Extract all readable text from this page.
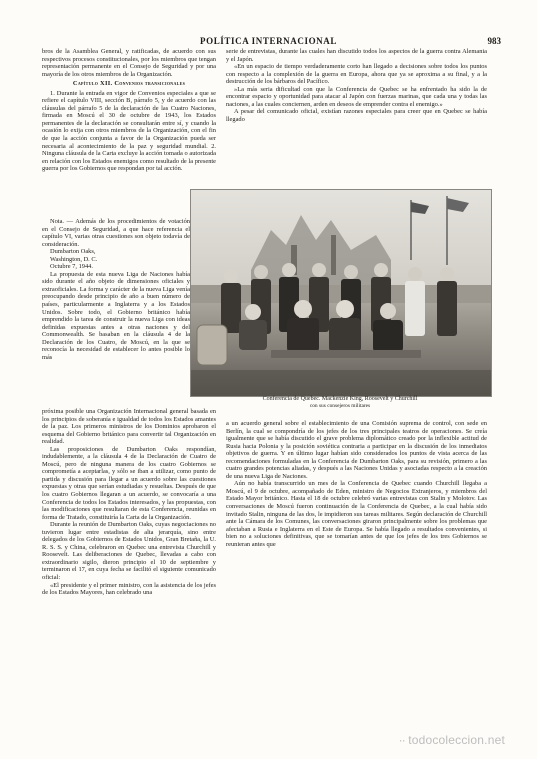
POLÍTICA INTERNACIONAL	983

bros de la Asamblea General, y ratificadas, de acuerdo con sus respectivos procesos constitucionales, por los miembros que tengan representación permanente en el Consejo de Seguridad y por una mayoría de los otros miembros de la Organización.

Capítulo XII. Convenios transicionales

1. Durante la entrada en vigor de Convenios especiales a que se refiere el capítulo VIII, sección B, párrafo 5, y de acuerdo con las cláusulas del párrafo 5 de la declaración de las Cuatro Naciones, firmada en Moscú el 30 de octubre de 1943, los Estados permanentes de la declaración se consultarán entre sí, y cuando la ocasión lo exija con otros miembros de la Organización, con el fin de que la acción conjunta a favor de la Organización pueda ser necesaria al acontecimiento de la paz y seguridad mundial. 2. Ninguna cláusula de la Carta excluye la acción tomada o autorizada en relación con los Estados enemigos como resultado de la presente guerra por los Gobiernos que respondan por tal acción.

Nota. — Además de los procedimientos de votación en el Consejo de Seguridad, a que hace referencia el capítulo VI, varias otras cuestiones son objeto todavía de consideración.

Dumbarton Oaks,

Washington, D. C.

Octubre 7, 1944.

La propuesta de esta nueva Liga de Naciones había sido durante el año objeto de dimensiones oficiales y extraoficiales. La forma y carácter de la nueva Liga venía preocupando desde principio de año a buen número de países, particularmente a Inglaterra y a los Estados Unidos. Sobre todo, el Gobierno británico había emprendido la tarea de construir la nueva Liga con ideas definidas expuestas antes a otras naciones y del Commonwealth. Se basaban en la cláusula 4 de la Declaración de los Cuatro, de Moscú, en la que se reconocía la necesidad de establecer lo antes posible lo más

próxima posible una Organización Internacional general basada en los principios de soberanía e igualdad de todos los Estados amantes de la paz. Los primeros ministros de los Dominios aprobaron el esquema del Gobierno británico para convertir tal Organización en realidad.

Las proposiciones de Dumbarton Oaks respondían, indudablemente, a la cláusula 4 de la Declaración de Cuatro de Moscú, pero de ninguna manera de los cuatro Gobiernos se comprometía a aceptarlas, y sólo se iban a utilizar, como punto de partida y discusión para llegar a un acuerdo sobre las cuestiones expuestas y otras que serían estudiadas y resueltas. Después de que los cuatro Gobiernos llegaran a un acuerdo, se convocaría a una Conferencia de todos los Estados interesados, y las propuestas, con las modificaciones que resultaran de esta Conferencia, reunidas en forma de Tratado, constituiría la Carta de la Organización.

Durante la reunión de Dumbarton Oaks, cuyas negociaciones no tuvieron lugar entre estadistas de alta jerarquía, sino entre delegados de los Gobiernos de Estados Unidos, Gran Bretaña, la U. R. S. S. y China, celebraron en Quebec una entrevista Churchill y Roosevelt. Las deliberaciones de Quebec, llevadas a cabo con extraordinario sigilo, dieron principio el 10 de septiembre y terminaron el 17, en cuya fecha se facilitó el siguiente comunicado oficial:

«El presidente y el primer ministro, con la asistencia de los jefes de los Estados Mayores, han celebrado una

serie de entrevistas, durante las cuales han discutido todos los aspectos de la guerra contra Alemania y el Japón.

«En un espacio de tiempo verdaderamente corto han llegado a decisiones sobre todos los puntos con respecto a la complexión de la guerra en Europa, ahora que ya se aproxima a su final, y a la destrucción de los bárbaros del Pacífico.

»La más seria dificultad con que la Conferencia de Quebec se ha enfrentado ha sido la de encontrar espacio y oportunidad para atacar al Japón con fuerzas marinas, que cada una y todas las naciones, a las cuales conciernen, arden en deseos de emprender contra el enemigo.»

A pesar del comunicado oficial, existían razones especiales para creer que en Quebec se había llegado

Conferencia de Quebec. Mackenzie King, Roosevelt y Churchill
con sus consejeros militares

a un acuerdo general sobre el establecimiento de una Comisión suprema de control, con sede en Berlín, la cual se compondría de los jefes de los tres principales teatros de operaciones. Se creía igualmente que se había discutido el grave problema diplomático creado por la inflexible actitud de Rusia hacia Polonia y la posición soviética contraria a participar en la discusión de los inmediatos objetivos de guerra. Y en último lugar habían sido considerados los puntos de vista acerca de las recomendaciones formuladas en la Conferencia de Dumbarton Oaks, para su revisión, primero a las cuatro grandes potencias aliadas, y después a las Naciones Unidas y asociadas respecto a la creación de una nueva Liga de Naciones.

Aún no había transcurrido un mes de la Conferencia de Quebec cuando Churchill llegaba a Moscú, el 9 de octubre, acompañado de Eden, ministro de Negocios Extranjeros, y miembros del Estado Mayor británico. Hasta el 18 de octubre celebró varias entrevistas con Stalin y Molotov. Las conversaciones de Moscú fueron continuación de la Conferencia de Quebec, a la cual había sido invitado Stalin, ninguna de las dos, le impidieron sus tareas militares. Según declaración de Churchill ante la Cámara de los Comunes, las conversaciones giraron principalmente sobre los problemas que afectaban a Rusia e Inglaterra en el Este de Europa. Se había llegado a resultados convenientes, si bien no a soluciones definitivas, que se tomarían antes de que los jefes de los tres Gobiernos se reunieran antes que

·· todocoleccion.net
